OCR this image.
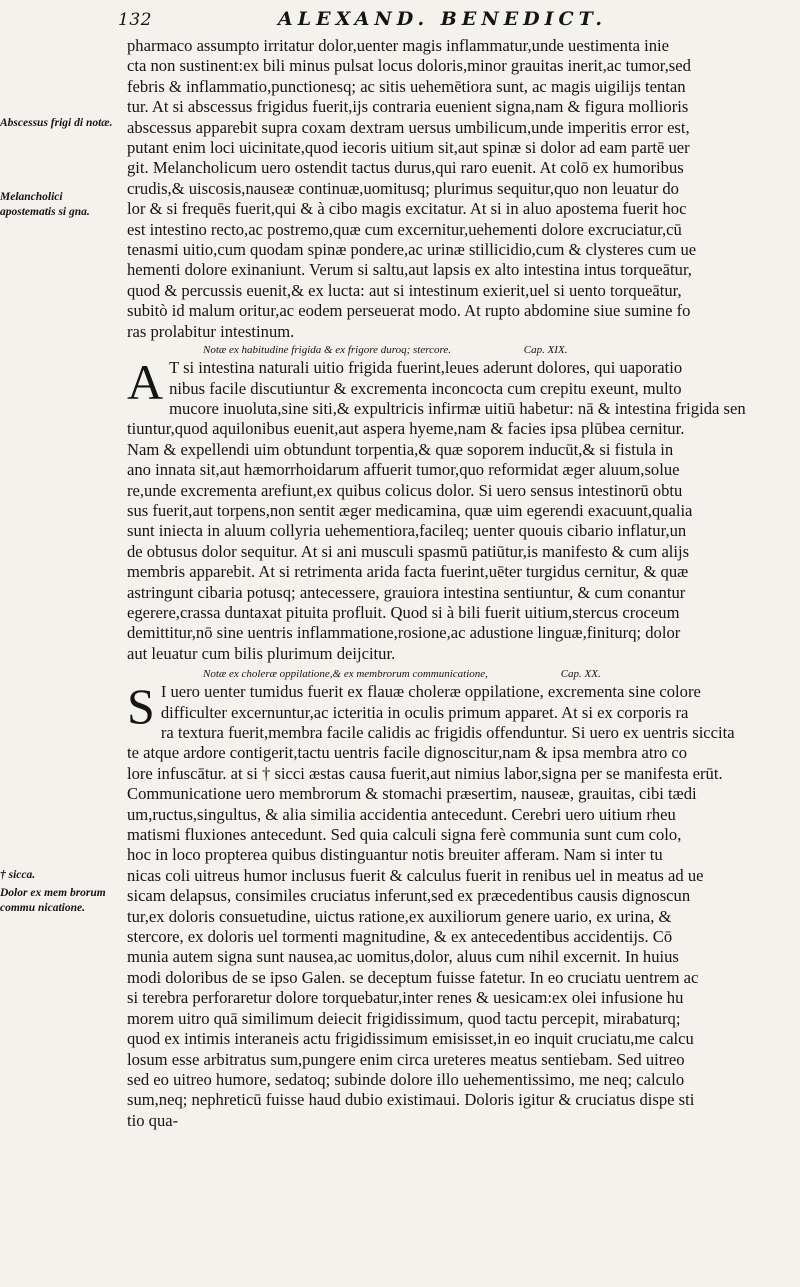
132	ALEXAND. BENEDICT.
Abscessus frigi di notæ.
Melancholici apostematis si gna.
† sicca.
Dolor ex mem brorum commu nicatione.
pharmaco assumpto irritatur dolor,uenter magis inflammatur,unde uestimenta inie
cta non sustinent:ex bili minus pulsat locus doloris,minor grauitas inerit,ac tumor,sed
febris & inflammatio,punctionesq; ac sitis uehemētiora sunt, ac magis uigilijs tentan
tur. At si abscessus frigidus fuerit,ijs contraria euenient signa,nam & figura mollioris
abscessus apparebit supra coxam dextram uersus umbilicum,unde imperitis error est,
putant enim loci uicinitate,quod iecoris uitium sit,aut spinæ si dolor ad eam partē uer
git. Melancholicum uero ostendit tactus durus,qui raro euenit. At colō ex humoribus
crudis,& uiscosis,nauseæ continuæ,uomitusq; plurimus sequitur,quo non leuatur do
lor & si frequēs fuerit,qui & à cibo magis excitatur. At si in aluo apostema fuerit hoc
est intestino recto,ac postremo,quæ cum excernitur,uehementi dolore excruciatur,cū
tenasmi uitio,cum quodam spinæ pondere,ac urinæ stillicidio,cum & clysteres cum ue
hementi dolore exinaniunt. Verum si saltu,aut lapsis ex alto intestina intus torqueātur,
quod & percussis euenit,& ex lucta: aut si intestinum exierit,uel si uento torqueātur,
subitò id malum oritur,ac eodem perseuerat modo. At rupto abdomine siue sumine fo
ras prolabitur intestinum.
Notæ ex habitudine frigida & ex frigore duroq; stercore.	Cap. XIX.
A T si intestina naturali uitio frigida fuerint,leues aderunt dolores, qui uaporatio
nibus facile discutiuntur & excrementa inconcocta cum crepitu exeunt, multo
mucore inuoluta,sine siti,& expultricis infirmæ uitiū habetur: nā & intestina frigida sen
tiuntur,quod aquilonibus euenit,aut aspera hyeme,nam & facies ipsa plūbea cernitur.
Nam & expellendi uim obtundunt torpentia,& quæ soporem inducūt,& si fistula in
ano innata sit,aut hæmorrhoidarum affuerit tumor,quo reformidat æger aluum,solue
re,unde excrementa arefiunt,ex quibus colicus dolor. Si uero sensus intestinorū obtu
sus fuerit,aut torpens,non sentit æger medicamina, quæ uim egerendi exacuunt,qualia
sunt iniecta in aluum collyria uehementiora,facileq; uenter quouis cibario inflatur,un
de obtusus dolor sequitur. At si ani musculi spasmū patiūtur,is manifesto & cum alijs
membris apparebit. At si retrimenta arida facta fuerint,uēter turgidus cernitur, & quæ
astringunt cibaria potusq; antecessere, grauiora intestina sentiuntur, & cum conantur
egerere,crassa duntaxat pituita profluit. Quod si à bili fuerit uitium,stercus croceum
demittitur,nō sine uentris inflammatione,rosione,ac adustione linguæ,finiturq; dolor
aut leuatur cum bilis plurimum deijcitur.
Notæ ex choleræ oppilatione,& ex membrorum communicatione,	Cap. XX.
S I uero uenter tumidus fuerit ex flauæ choleræ oppilatione, excrementa sine colore
difficulter excernuntur,ac icteritia in oculis primum apparet. At si ex corporis ra
ra textura fuerit,membra facile calidis ac frigidis offenduntur. Si uero ex uentris siccita
te atque ardore contigerit,tactu uentris facile dignoscitur,nam & ipsa membra atro co
lore infuscātur. at si † sicci æstas causa fuerit,aut nimius labor,signa per se manifesta erūt.
Communicatione uero membrorum & stomachi præsertim, nauseæ, grauitas, cibi tædi
um,ructus,singultus, & alia similia accidentia antecedunt. Cerebri uero uitium rheu
matismi fluxiones antecedunt. Sed quia calculi signa ferè communia sunt cum colo,
hoc in loco propterea quibus distinguantur notis breuiter afferam. Nam si inter tu
nicas coli uitreus humor inclusus fuerit & calculus fuerit in renibus uel in meatus ad ue
sicam delapsus, consimiles cruciatus inferunt,sed ex præcedentibus causis dignoscun
tur,ex doloris consuetudine, uictus ratione,ex auxiliorum genere uario, ex urina, &
stercore, ex doloris uel tormenti magnitudine, & ex antecedentibus accidentijs. Cō
munia autem signa sunt nausea,ac uomitus,dolor, aluus cum nihil excernit. In huius
modi doloribus de se ipso Galen. se deceptum fuisse fatetur. In eo cruciatu uentrem ac
si terebra perforaretur dolore torquebatur,inter renes & uesicam:ex olei infusione hu
morem uitro quā similimum deiecit frigidissimum, quod tactu percepit, mirabaturq;
quod ex intimis interaneis actu frigidissimum emisisset,in eo inquit cruciatu,me calcu
losum esse arbitratus sum,pungere enim circa ureteres meatus sentiebam. Sed uitreo
sed eo uitreo humore, sedatoq; subinde dolore illo uehementissimo, me neq; calculo
sum,neq; nephreticū fuisse haud dubio existimaui. Doloris igitur & cruciatus dispe sti
tio qua-
